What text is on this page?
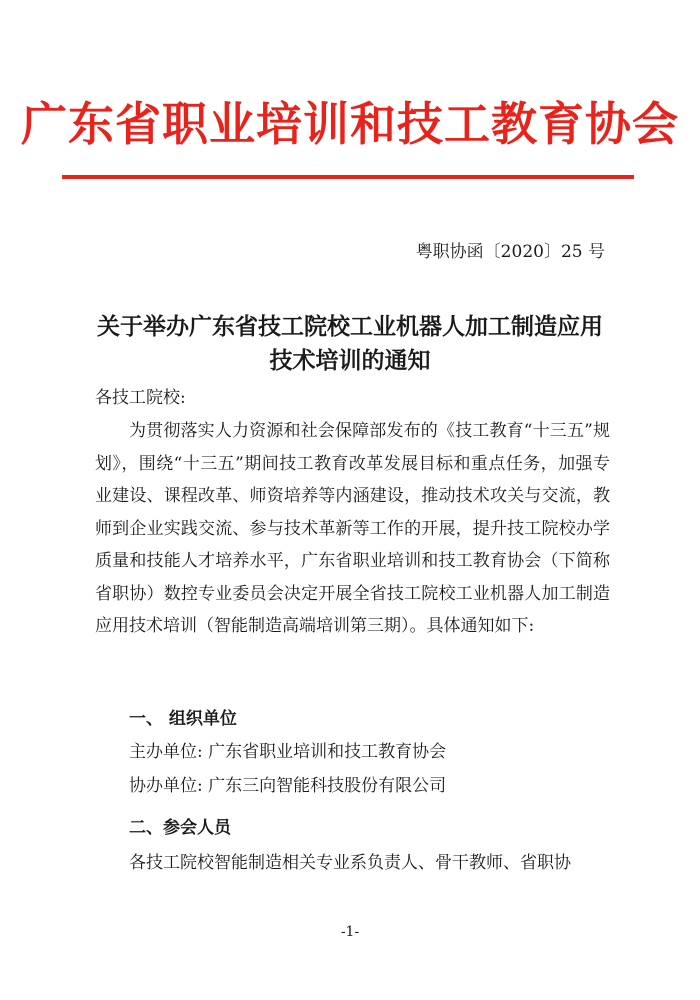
广东省职业培训和技工教育协会
粤职协函〔2020〕25 号
关于举办广东省技工院校工业机器人加工制造应用
技术培训的通知
各技工院校:
为贯彻落实人力资源和社会保障部发布的《技工教育“十三五”规划》，围绕“十三五”期间技工教育改革发展目标和重点任务，加强专业建设、课程改革、师资培养等内涵建设，推动技术攻关与交流，教师到企业实践交流、参与技术革新等工作的开展，提升技工院校办学质量和技能人才培养水平，广东省职业培训和技工教育协会（下简称省职协）数控专业委员会决定开展全省技工院校工业机器人加工制造应用技术培训（智能制造高端培训第三期）。具体通知如下:
一、 组织单位
主办单位: 广东省职业培训和技工教育协会
协办单位: 广东三向智能科技股份有限公司
二、参会人员
各技工院校智能制造相关专业系负责人、骨干教师、省职协
-1-
